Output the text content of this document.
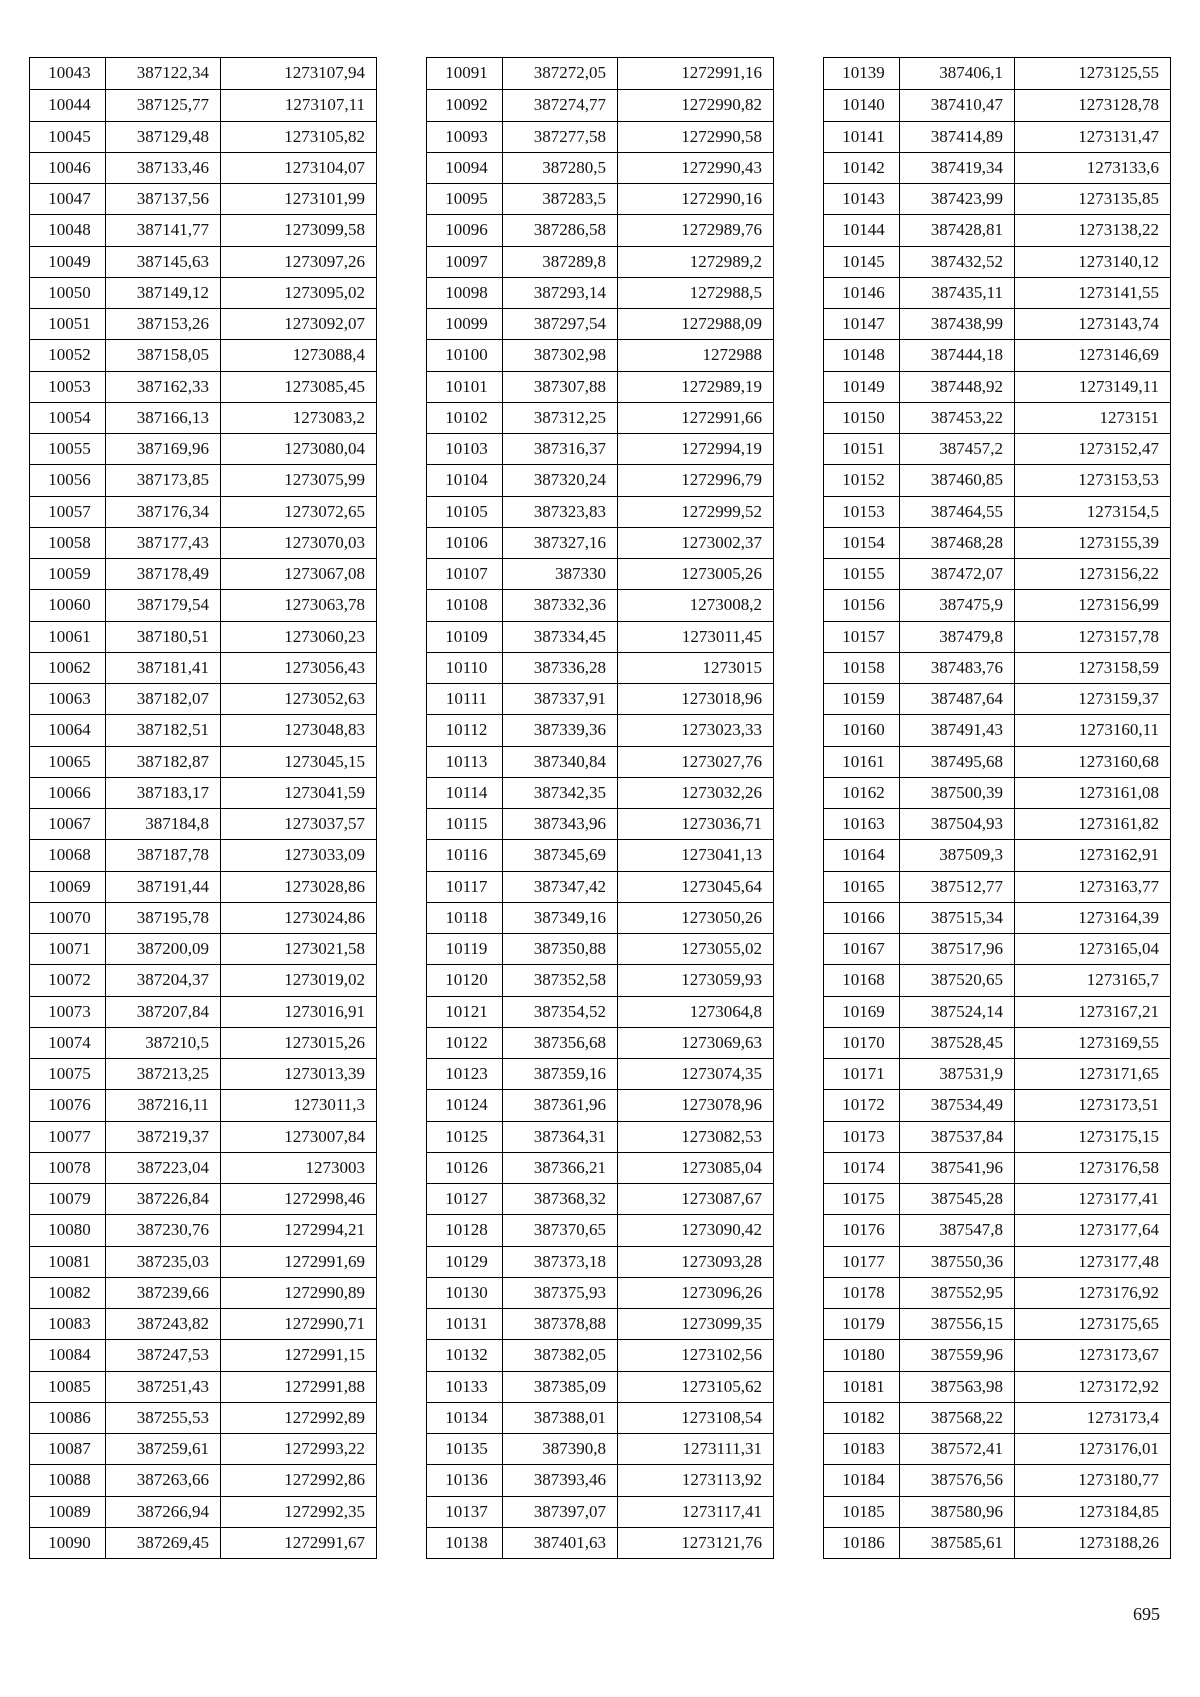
10043	387122,34	1273107,94
10044	387125,77	1273107,11
10045	387129,48	1273105,82
10046	387133,46	1273104,07
10047	387137,56	1273101,99
10048	387141,77	1273099,58
10049	387145,63	1273097,26
10050	387149,12	1273095,02
10051	387153,26	1273092,07
10052	387158,05	1273088,4
10053	387162,33	1273085,45
10054	387166,13	1273083,2
10055	387169,96	1273080,04
10056	387173,85	1273075,99
10057	387176,34	1273072,65
10058	387177,43	1273070,03
10059	387178,49	1273067,08
10060	387179,54	1273063,78
10061	387180,51	1273060,23
10062	387181,41	1273056,43
10063	387182,07	1273052,63
10064	387182,51	1273048,83
10065	387182,87	1273045,15
10066	387183,17	1273041,59
10067	387184,8	1273037,57
10068	387187,78	1273033,09
10069	387191,44	1273028,86
10070	387195,78	1273024,86
10071	387200,09	1273021,58
10072	387204,37	1273019,02
10073	387207,84	1273016,91
10074	387210,5	1273015,26
10075	387213,25	1273013,39
10076	387216,11	1273011,3
10077	387219,37	1273007,84
10078	387223,04	1273003
10079	387226,84	1272998,46
10080	387230,76	1272994,21
10081	387235,03	1272991,69
10082	387239,66	1272990,89
10083	387243,82	1272990,71
10084	387247,53	1272991,15
10085	387251,43	1272991,88
10086	387255,53	1272992,89
10087	387259,61	1272993,22
10088	387263,66	1272992,86
10089	387266,94	1272992,35
10090	387269,45	1272991,67
10091	387272,05	1272991,16
10092	387274,77	1272990,82
10093	387277,58	1272990,58
10094	387280,5	1272990,43
10095	387283,5	1272990,16
10096	387286,58	1272989,76
10097	387289,8	1272989,2
10098	387293,14	1272988,5
10099	387297,54	1272988,09
10100	387302,98	1272988
10101	387307,88	1272989,19
10102	387312,25	1272991,66
10103	387316,37	1272994,19
10104	387320,24	1272996,79
10105	387323,83	1272999,52
10106	387327,16	1273002,37
10107	387330	1273005,26
10108	387332,36	1273008,2
10109	387334,45	1273011,45
10110	387336,28	1273015
10111	387337,91	1273018,96
10112	387339,36	1273023,33
10113	387340,84	1273027,76
10114	387342,35	1273032,26
10115	387343,96	1273036,71
10116	387345,69	1273041,13
10117	387347,42	1273045,64
10118	387349,16	1273050,26
10119	387350,88	1273055,02
10120	387352,58	1273059,93
10121	387354,52	1273064,8
10122	387356,68	1273069,63
10123	387359,16	1273074,35
10124	387361,96	1273078,96
10125	387364,31	1273082,53
10126	387366,21	1273085,04
10127	387368,32	1273087,67
10128	387370,65	1273090,42
10129	387373,18	1273093,28
10130	387375,93	1273096,26
10131	387378,88	1273099,35
10132	387382,05	1273102,56
10133	387385,09	1273105,62
10134	387388,01	1273108,54
10135	387390,8	1273111,31
10136	387393,46	1273113,92
10137	387397,07	1273117,41
10138	387401,63	1273121,76
10139	387406,1	1273125,55
10140	387410,47	1273128,78
10141	387414,89	1273131,47
10142	387419,34	1273133,6
10143	387423,99	1273135,85
10144	387428,81	1273138,22
10145	387432,52	1273140,12
10146	387435,11	1273141,55
10147	387438,99	1273143,74
10148	387444,18	1273146,69
10149	387448,92	1273149,11
10150	387453,22	1273151
10151	387457,2	1273152,47
10152	387460,85	1273153,53
10153	387464,55	1273154,5
10154	387468,28	1273155,39
10155	387472,07	1273156,22
10156	387475,9	1273156,99
10157	387479,8	1273157,78
10158	387483,76	1273158,59
10159	387487,64	1273159,37
10160	387491,43	1273160,11
10161	387495,68	1273160,68
10162	387500,39	1273161,08
10163	387504,93	1273161,82
10164	387509,3	1273162,91
10165	387512,77	1273163,77
10166	387515,34	1273164,39
10167	387517,96	1273165,04
10168	387520,65	1273165,7
10169	387524,14	1273167,21
10170	387528,45	1273169,55
10171	387531,9	1273171,65
10172	387534,49	1273173,51
10173	387537,84	1273175,15
10174	387541,96	1273176,58
10175	387545,28	1273177,41
10176	387547,8	1273177,64
10177	387550,36	1273177,48
10178	387552,95	1273176,92
10179	387556,15	1273175,65
10180	387559,96	1273173,67
10181	387563,98	1273172,92
10182	387568,22	1273173,4
10183	387572,41	1273176,01
10184	387576,56	1273180,77
10185	387580,96	1273184,85
10186	387585,61	1273188,26
695
